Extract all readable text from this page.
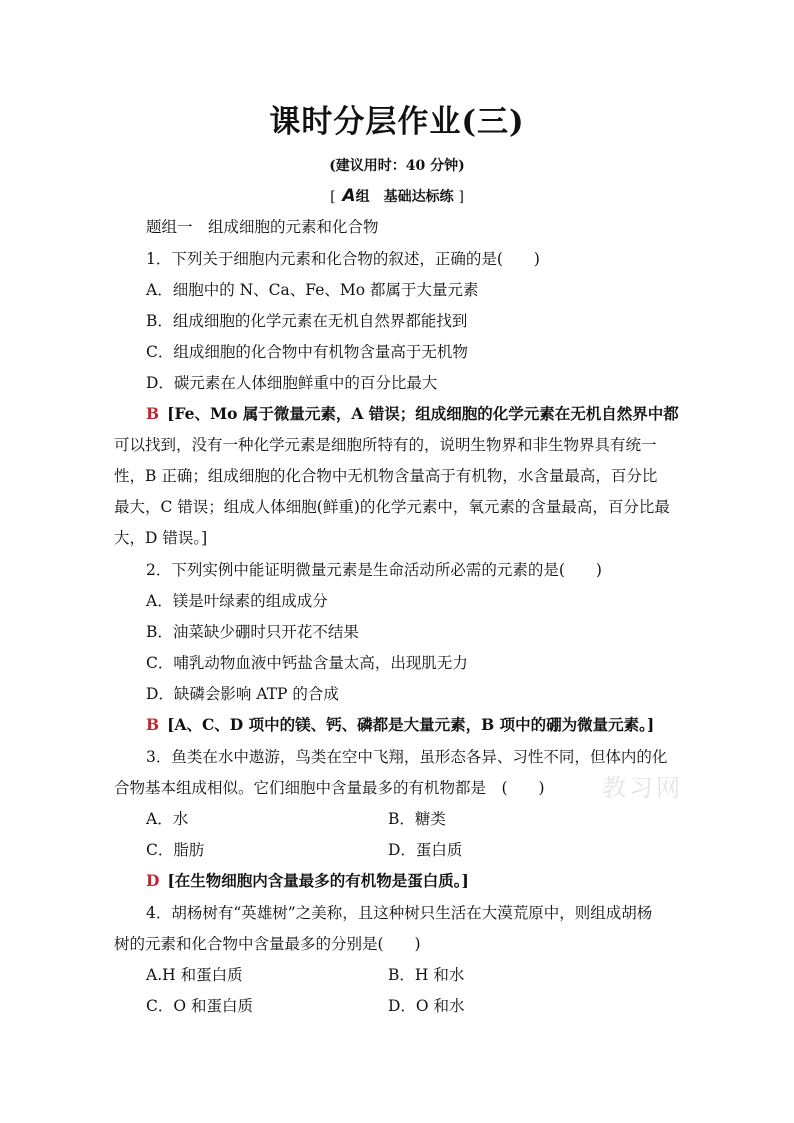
课时分层作业(三)
(建议用时：40 分钟)
[ A组　基础达标练 ]
题组一　组成细胞的元素和化合物
1．下列关于细胞内元素和化合物的叙述，正确的是(　　)
A．细胞中的 N、Ca、Fe、Mo 都属于大量元素
B．组成细胞的化学元素在无机自然界都能找到
C．组成细胞的化合物中有机物含量高于无机物
D．碳元素在人体细胞鲜重中的百分比最大
B [Fe、Mo 属于微量元素，A 错误；组成细胞的化学元素在无机自然界中都
可以找到，没有一种化学元素是细胞所特有的，说明生物界和非生物界具有统一
性，B 正确；组成细胞的化合物中无机物含量高于有机物，水含量最高，百分比
最大，C 错误；组成人体细胞(鲜重)的化学元素中，氧元素的含量最高，百分比最
大，D 错误。]
2．下列实例中能证明微量元素是生命活动所必需的元素的是(　　)
A．镁是叶绿素的组成成分
B．油菜缺少硼时只开花不结果
C．哺乳动物血液中钙盐含量太高，出现肌无力
D．缺磷会影响 ATP 的合成
B [A、C、D 项中的镁、钙、磷都是大量元素，B 项中的硼为微量元素。]
3．鱼类在水中遨游，鸟类在空中飞翔，虽形态各异、习性不同，但体内的化
合物基本组成相似。它们细胞中含量最多的有机物都是　(　　)
A．水	B．糖类
C．脂肪	D．蛋白质
D [在生物细胞内含量最多的有机物是蛋白质。]
4．胡杨树有“英雄树”之美称，且这种树只生活在大漠荒原中，则组成胡杨
树的元素和化合物中含量最多的分别是(　　)
A.H 和蛋白质	B．H 和水
C．O 和蛋白质	D．O 和水
教习网
